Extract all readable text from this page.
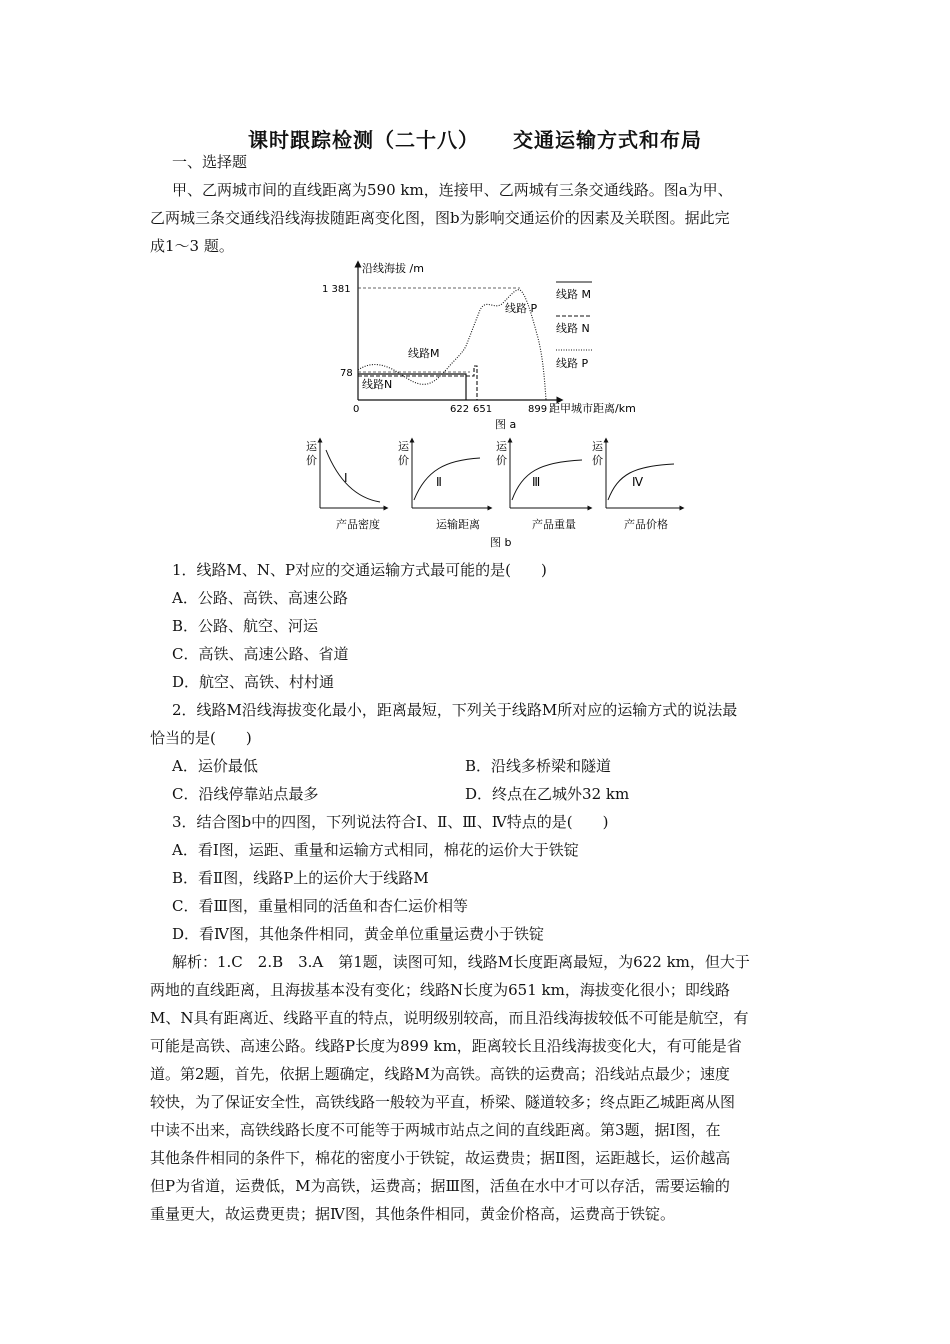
课时跟踪检测（二十八） 交通运输方式和布局
一、选择题
甲、乙两城市间的直线距离为590 km，连接甲、乙两城有三条交通线路。图a为甲、
乙两城三条交通线沿线海拔随距离变化图，图b为影响交通运价的因素及关联图。据此完
成1～3 题。
沿线海拔 /m
距甲城市距离/km
1 381
78
0	622 651	899
线路M
线路N
线路 P
线路 M
线路 N
线路 P
图 a
运
价
Ⅰ
产品密度
运
价
Ⅱ
运输距离
运
价
Ⅲ
产品重量
运
价
Ⅳ
产品价格
图 b
1．线路M、N、P对应的交通运输方式最可能的是(　　)
A．公路、高铁、高速公路
B．公路、航空、河运
C．高铁、高速公路、省道
D．航空、高铁、村村通
2．线路M沿线海拔变化最小，距离最短，下列关于线路M所对应的运输方式的说法最
恰当的是(　　)
A．运价最低	B．沿线多桥梁和隧道
C．沿线停靠站点最多	D．终点在乙城外32 km
3．结合图b中的四图，下列说法符合Ⅰ、Ⅱ、Ⅲ、Ⅳ特点的是(　　)
A．看Ⅰ图，运距、重量和运输方式相同，棉花的运价大于铁锭
B．看Ⅱ图，线路P上的运价大于线路M
C．看Ⅲ图，重量相同的活鱼和杏仁运价相等
D．看Ⅳ图，其他条件相同，黄金单位重量运费小于铁锭
解析：1.C　2.B　3.A　第1题，读图可知，线路M长度距离最短，为622 km，但大于
两地的直线距离，且海拔基本没有变化；线路N长度为651 km，海拔变化很小；即线路
M、N具有距离近、线路平直的特点，说明级别较高，而且沿线海拔较低不可能是航空，有
可能是高铁、高速公路。线路P长度为899 km，距离较长且沿线海拔变化大，有可能是省
道。第2题，首先，依据上题确定，线路M为高铁。高铁的运费高；沿线站点最少；速度
较快，为了保证安全性，高铁线路一般较为平直，桥梁、隧道较多；终点距乙城距离从图
中读不出来，高铁线路长度不可能等于两城市站点之间的直线距离。第3题，据Ⅰ图，在
其他条件相同的条件下，棉花的密度小于铁锭，故运费贵；据Ⅱ图，运距越长，运价越高
但P为省道，运费低，M为高铁，运费高；据Ⅲ图，活鱼在水中才可以存活，需要运输的
重量更大，故运费更贵；据Ⅳ图，其他条件相同，黄金价格高，运费高于铁锭。
